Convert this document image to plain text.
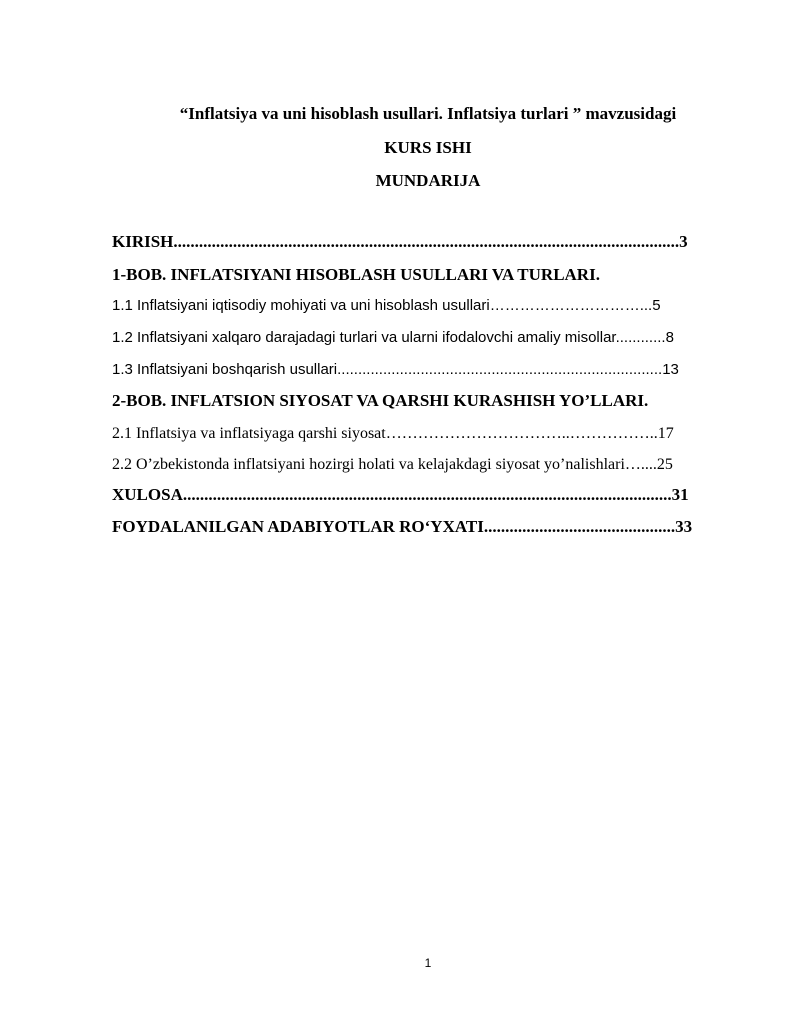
“Inflatsiya va uni hisoblash usullari. Inflatsiya turlari ” mavzusidagi
KURS ISHI
MUNDARIJA
KIRISH.......................................................................................................................3
1-BOB. INFLATSIYANI HISOBLASH USULLARI VA TURLARI.
1.1 Inflatsiyani iqtisodiy mohiyati va uni hisoblash usullari…………………………...5
1.2 Inflatsiyani xalqaro darajadagi turlari va ularni ifodalovchi amaliy misollar............8
1.3 Inflatsiyani boshqarish usullari..............................................................................13
2-BOB. INFLATSION SIYOSAT VA QARSHI KURASHISH YO’LLARI.
2.1 Inflatsiya va inflatsiyaga qarshi siyosat……………………………..……………..17
2.2 O’zbekistonda inflatsiyani hozirgi holati va kelajakdagi siyosat yo’nalishlari…....25
XULOSA...................................................................................................................31
FOYDALANILGAN ADABIYOTLAR RO‘YXATI.............................................33
1
